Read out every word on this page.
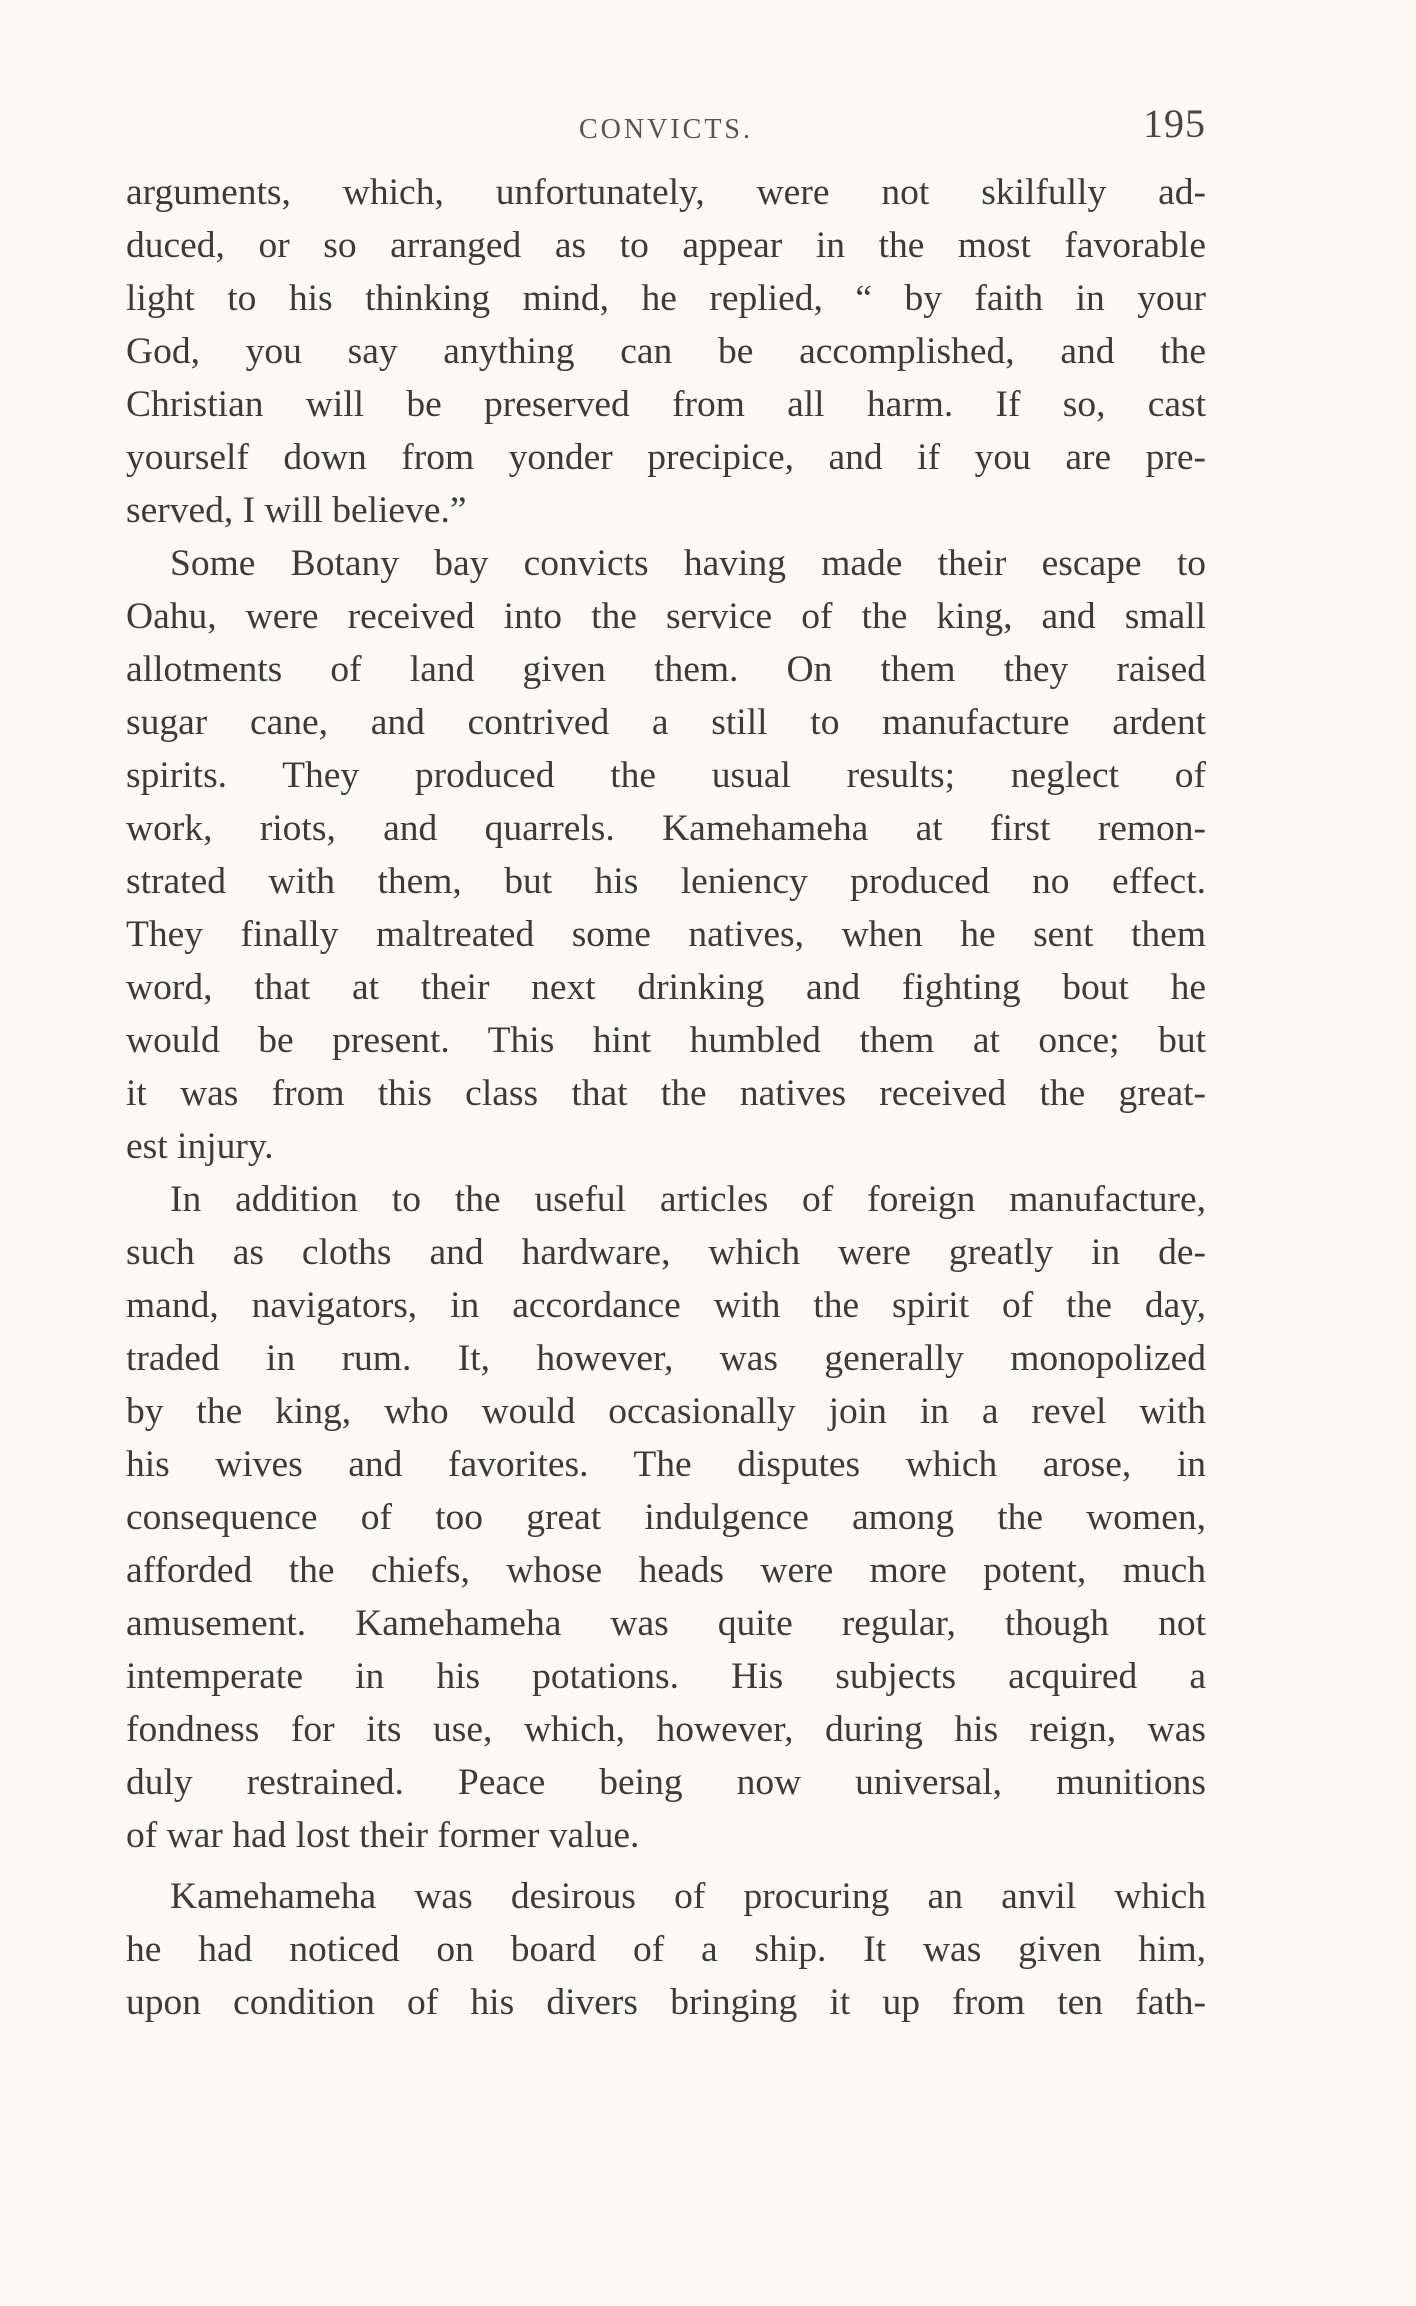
CONVICTS.	195
arguments, which, unfortunately, were not skilfully ad-
duced, or so arranged as to appear in the most favorable
light to his thinking mind, he replied, “ by faith in your
God, you say anything can be accomplished, and the
Christian will be preserved from all harm. If so, cast
yourself down from yonder precipice, and if you are pre-
served, I will believe.”
Some Botany bay convicts having made their escape to
Oahu, were received into the service of the king, and small
allotments of land given them. On them they raised
sugar cane, and contrived a still to manufacture ardent
spirits. They produced the usual results; neglect of
work, riots, and quarrels. Kamehameha at first remon-
strated with them, but his leniency produced no effect.
They finally maltreated some natives, when he sent them
word, that at their next drinking and fighting bout he
would be present. This hint humbled them at once; but
it was from this class that the natives received the great-
est injury.
In addition to the useful articles of foreign manufacture,
such as cloths and hardware, which were greatly in de-
mand, navigators, in accordance with the spirit of the day,
traded in rum. It, however, was generally monopolized
by the king, who would occasionally join in a revel with
his wives and favorites. The disputes which arose, in
consequence of too great indulgence among the women,
afforded the chiefs, whose heads were more potent, much
amusement. Kamehameha was quite regular, though not
intemperate in his potations. His subjects acquired a
fondness for its use, which, however, during his reign, was
duly restrained. Peace being now universal, munitions
of war had lost their former value.
Kamehameha was desirous of procuring an anvil which
he had noticed on board of a ship. It was given him,
upon condition of his divers bringing it up from ten fath-
